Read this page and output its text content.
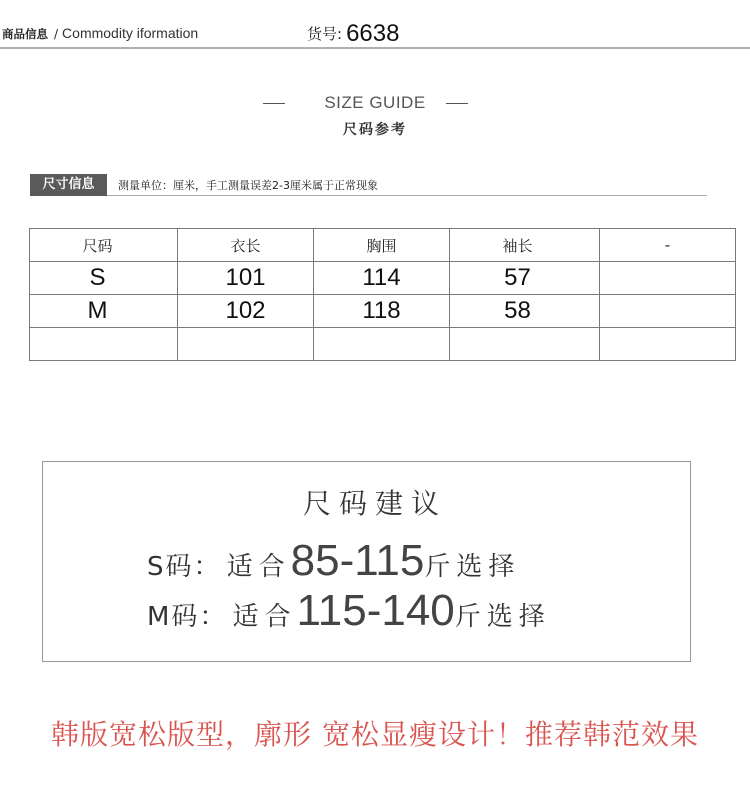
商品信息 / Commodity iformation	货号: 6638
SIZE GUIDE
尺码参考
尺寸信息	测量单位：厘米，手工测量误差2-3厘米属于正常现象
尺码	衣长	胸围	袖长	-
S	101	114	57	
M	102	118	58	

尺码建议
S码： 适合85-115斤选择
M码： 适合115-140斤选择
韩版宽松版型，廓形 宽松显瘦设计！推荐韩范效果
